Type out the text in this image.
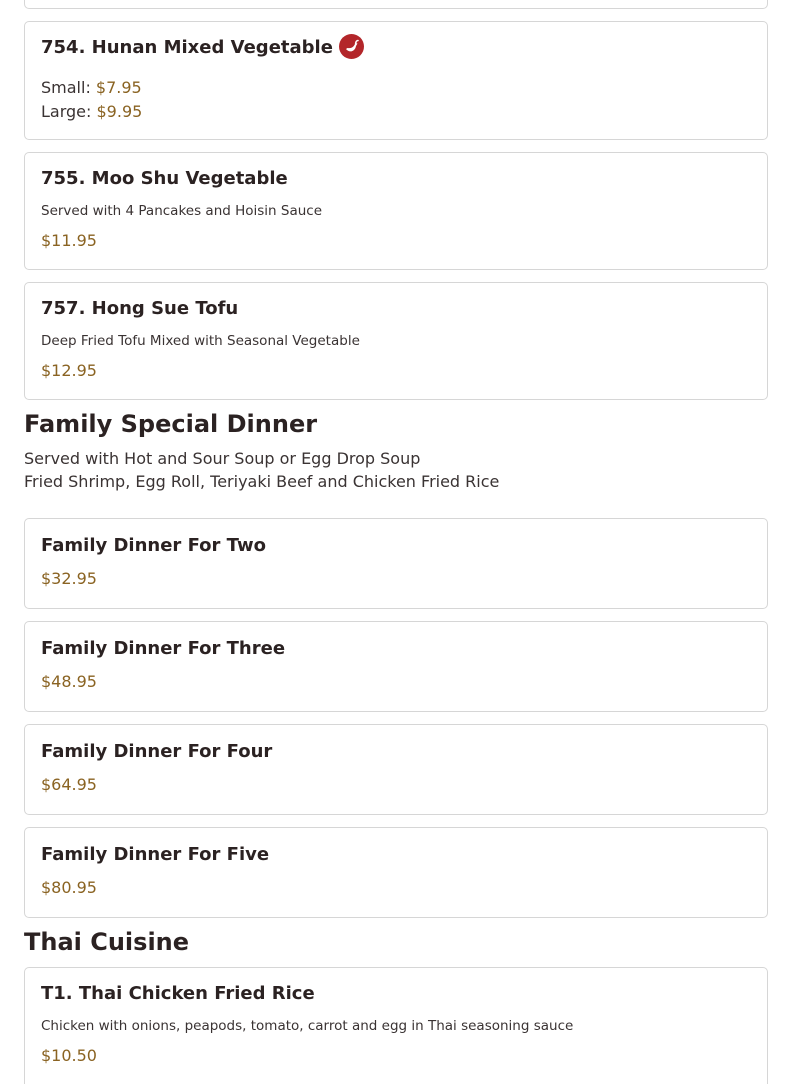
754. Hunan Mixed Vegetable
Small: $7.95
Large: $9.95
755. Moo Shu Vegetable
Served with 4 Pancakes and Hoisin Sauce
$11.95
757. Hong Sue Tofu
Deep Fried Tofu Mixed with Seasonal Vegetable
$12.95
Family Special Dinner
Served with Hot and Sour Soup or Egg Drop Soup
Fried Shrimp, Egg Roll, Teriyaki Beef and Chicken Fried Rice
Family Dinner For Two
$32.95
Family Dinner For Three
$48.95
Family Dinner For Four
$64.95
Family Dinner For Five
$80.95
Thai Cuisine
T1. Thai Chicken Fried Rice
Chicken with onions, peapods, tomato, carrot and egg in Thai seasoning sauce
$10.50
